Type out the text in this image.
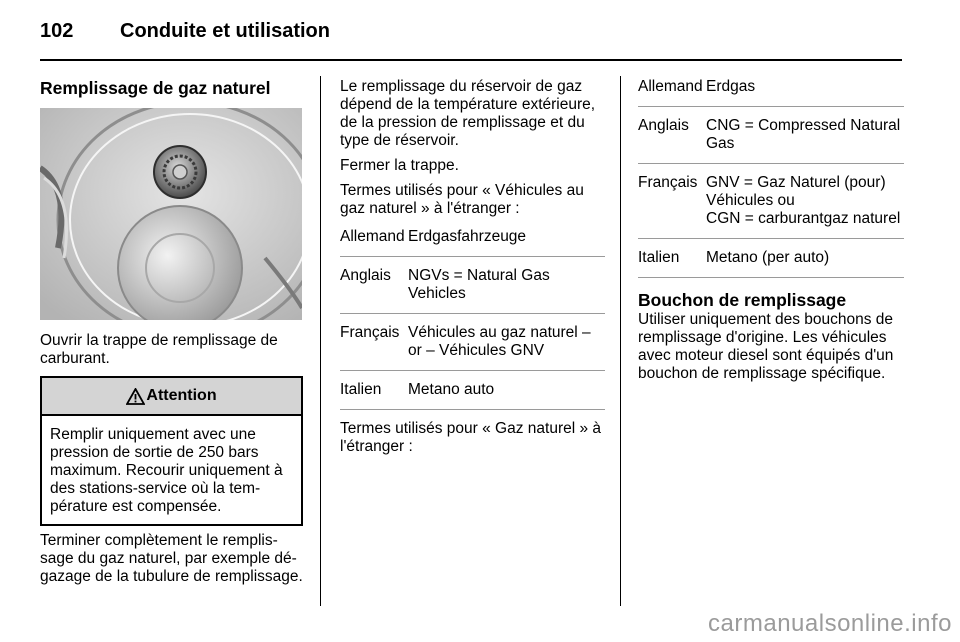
102 Conduite et utilisation
Remplissage de gaz naturel
Ouvrir la trappe de remplissage de carburant.
Attention
Remplir uniquement avec une pression de sortie de 250 bars maximum. Recourir uniquement à des stations-service où la température est compensée.
Terminer complètement le remplissage du gaz naturel, par exemple dégazage de la tubulure de remplissage.
Le remplissage du réservoir de gaz dépend de la température extérieure, de la pression de remplissage et du type de réservoir.
Fermer la trappe.
Termes utilisés pour « Véhicules au gaz naturel » à l'étranger :
Allemand	Erdgasfahrzeuge
Anglais	NGVs = Natural Gas Vehicles
Français	Véhicules au gaz naturel – or – Véhicules GNV
Italien	Metano auto
Termes utilisés pour « Gaz naturel » à l'étranger :
Allemand	Erdgas
Anglais	CNG = Compressed Natural Gas
Français	GNV = Gaz Naturel (pour) Véhicules ou
CGN = carburantgaz naturel
Italien	Metano (per auto)
Bouchon de remplissage
Utiliser uniquement des bouchons de remplissage d'origine. Les véhicules avec moteur diesel sont équipés d'un bouchon de remplissage spécifique.
carmanualsonline.info
